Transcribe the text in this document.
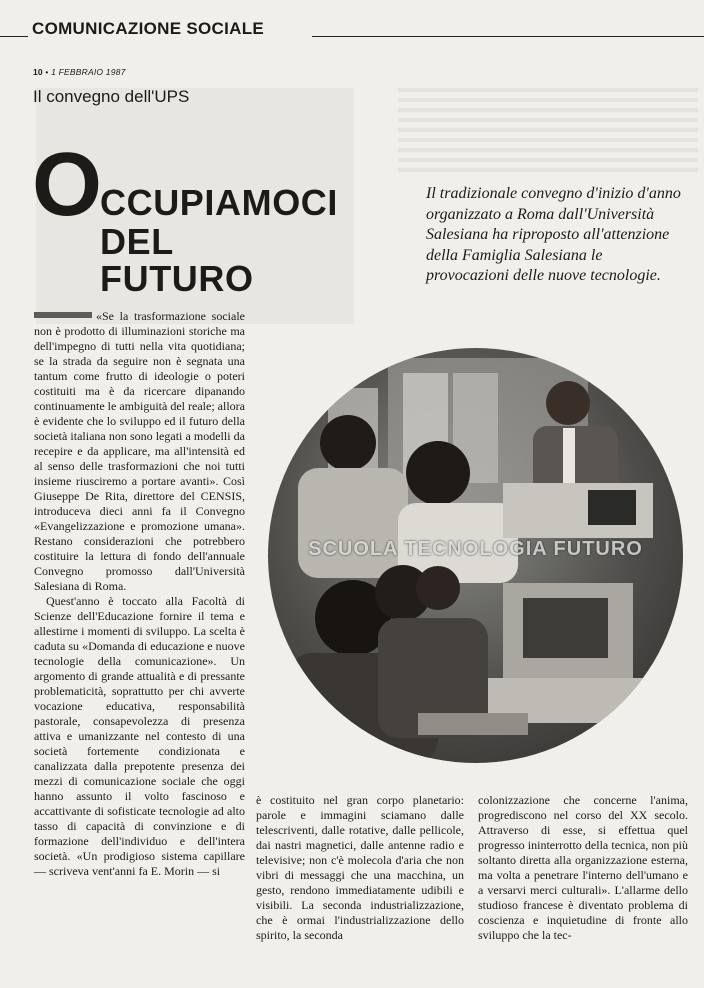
COMUNICAZIONE SOCIALE
10 • 1 FEBBRAIO 1987
Il convegno dell'UPS
O
CCUPIAMOCI
DEL
FUTURO
Il tradizionale convegno d'inizio d'anno organizzato a Roma dall'Università Salesiana ha riproposto all'attenzione della Famiglia Salesiana le provocazioni delle nuove tecnologie.
SCUOLA TECNOLOGIA FUTURO

«Se la trasformazione sociale non è prodotto di illuminazioni storiche ma dell'impegno di tutti nella vita quotidiana; se la strada da seguire non è segnata una tantum come frutto di ideologie o poteri costituiti ma è da ricercare dipanando continuamente le ambiguità del reale; allora è evidente che lo sviluppo ed il futuro della società italiana non sono legati a modelli da recepire e da applicare, ma all'intensità ed al senso delle trasformazioni che noi tutti insieme riusciremo a portare avanti». Così Giuseppe De Rita, direttore del CENSIS, introduceva dieci anni fa il Convegno «Evangelizzazione e promozione umana». Restano considerazioni che potrebbero costituire la lettura di fondo dell'annuale Convegno promosso dall'Università Salesiana di Roma.

Quest'anno è toccato alla Facoltà di Scienze dell'Educazione fornire il tema e allestirne i momenti di sviluppo. La scelta è caduta su «Domanda di educazione e nuove tecnologie della comunicazione». Un argomento di grande attualità e di pressante problematicità, soprattutto per chi avverte vocazione educativa, responsabilità pastorale, consapevolezza di presenza attiva e umanizzante nel contesto di una società fortemente condizionata e canalizzata dalla prepotente presenza dei mezzi di comunicazione sociale che oggi hanno assunto il volto fascinoso e accattivante di sofisticate tecnologie ad alto tasso di capacità di convinzione e di formazione dell'individuo e dell'intera società. «Un prodigioso sistema capillare — scriveva vent'anni fa E. Morin — si

è costituito nel gran corpo planetario: parole e immagini sciamano dalle telescriventi, dalle rotative, dalle pellicole, dai nastri magnetici, dalle antenne radio e televisive; non c'è molecola d'aria che non vibri di messaggi che una macchina, un gesto, rendono immediatamente udibili e visibili. La seconda industrializzazione, che è ormai l'industrializzazione dello spirito, la seconda

colonizzazione che concerne l'anima, progrediscono nel corso del XX secolo. Attraverso di esse, si effettua quel progresso ininterrotto della tecnica, non più soltanto diretta alla organizzazione esterna, ma volta a penetrare l'interno dell'umano e a versarvi merci culturali». L'allarme dello studioso francese è diventato problema di coscienza e inquietudine di fronte allo sviluppo che la tec-
